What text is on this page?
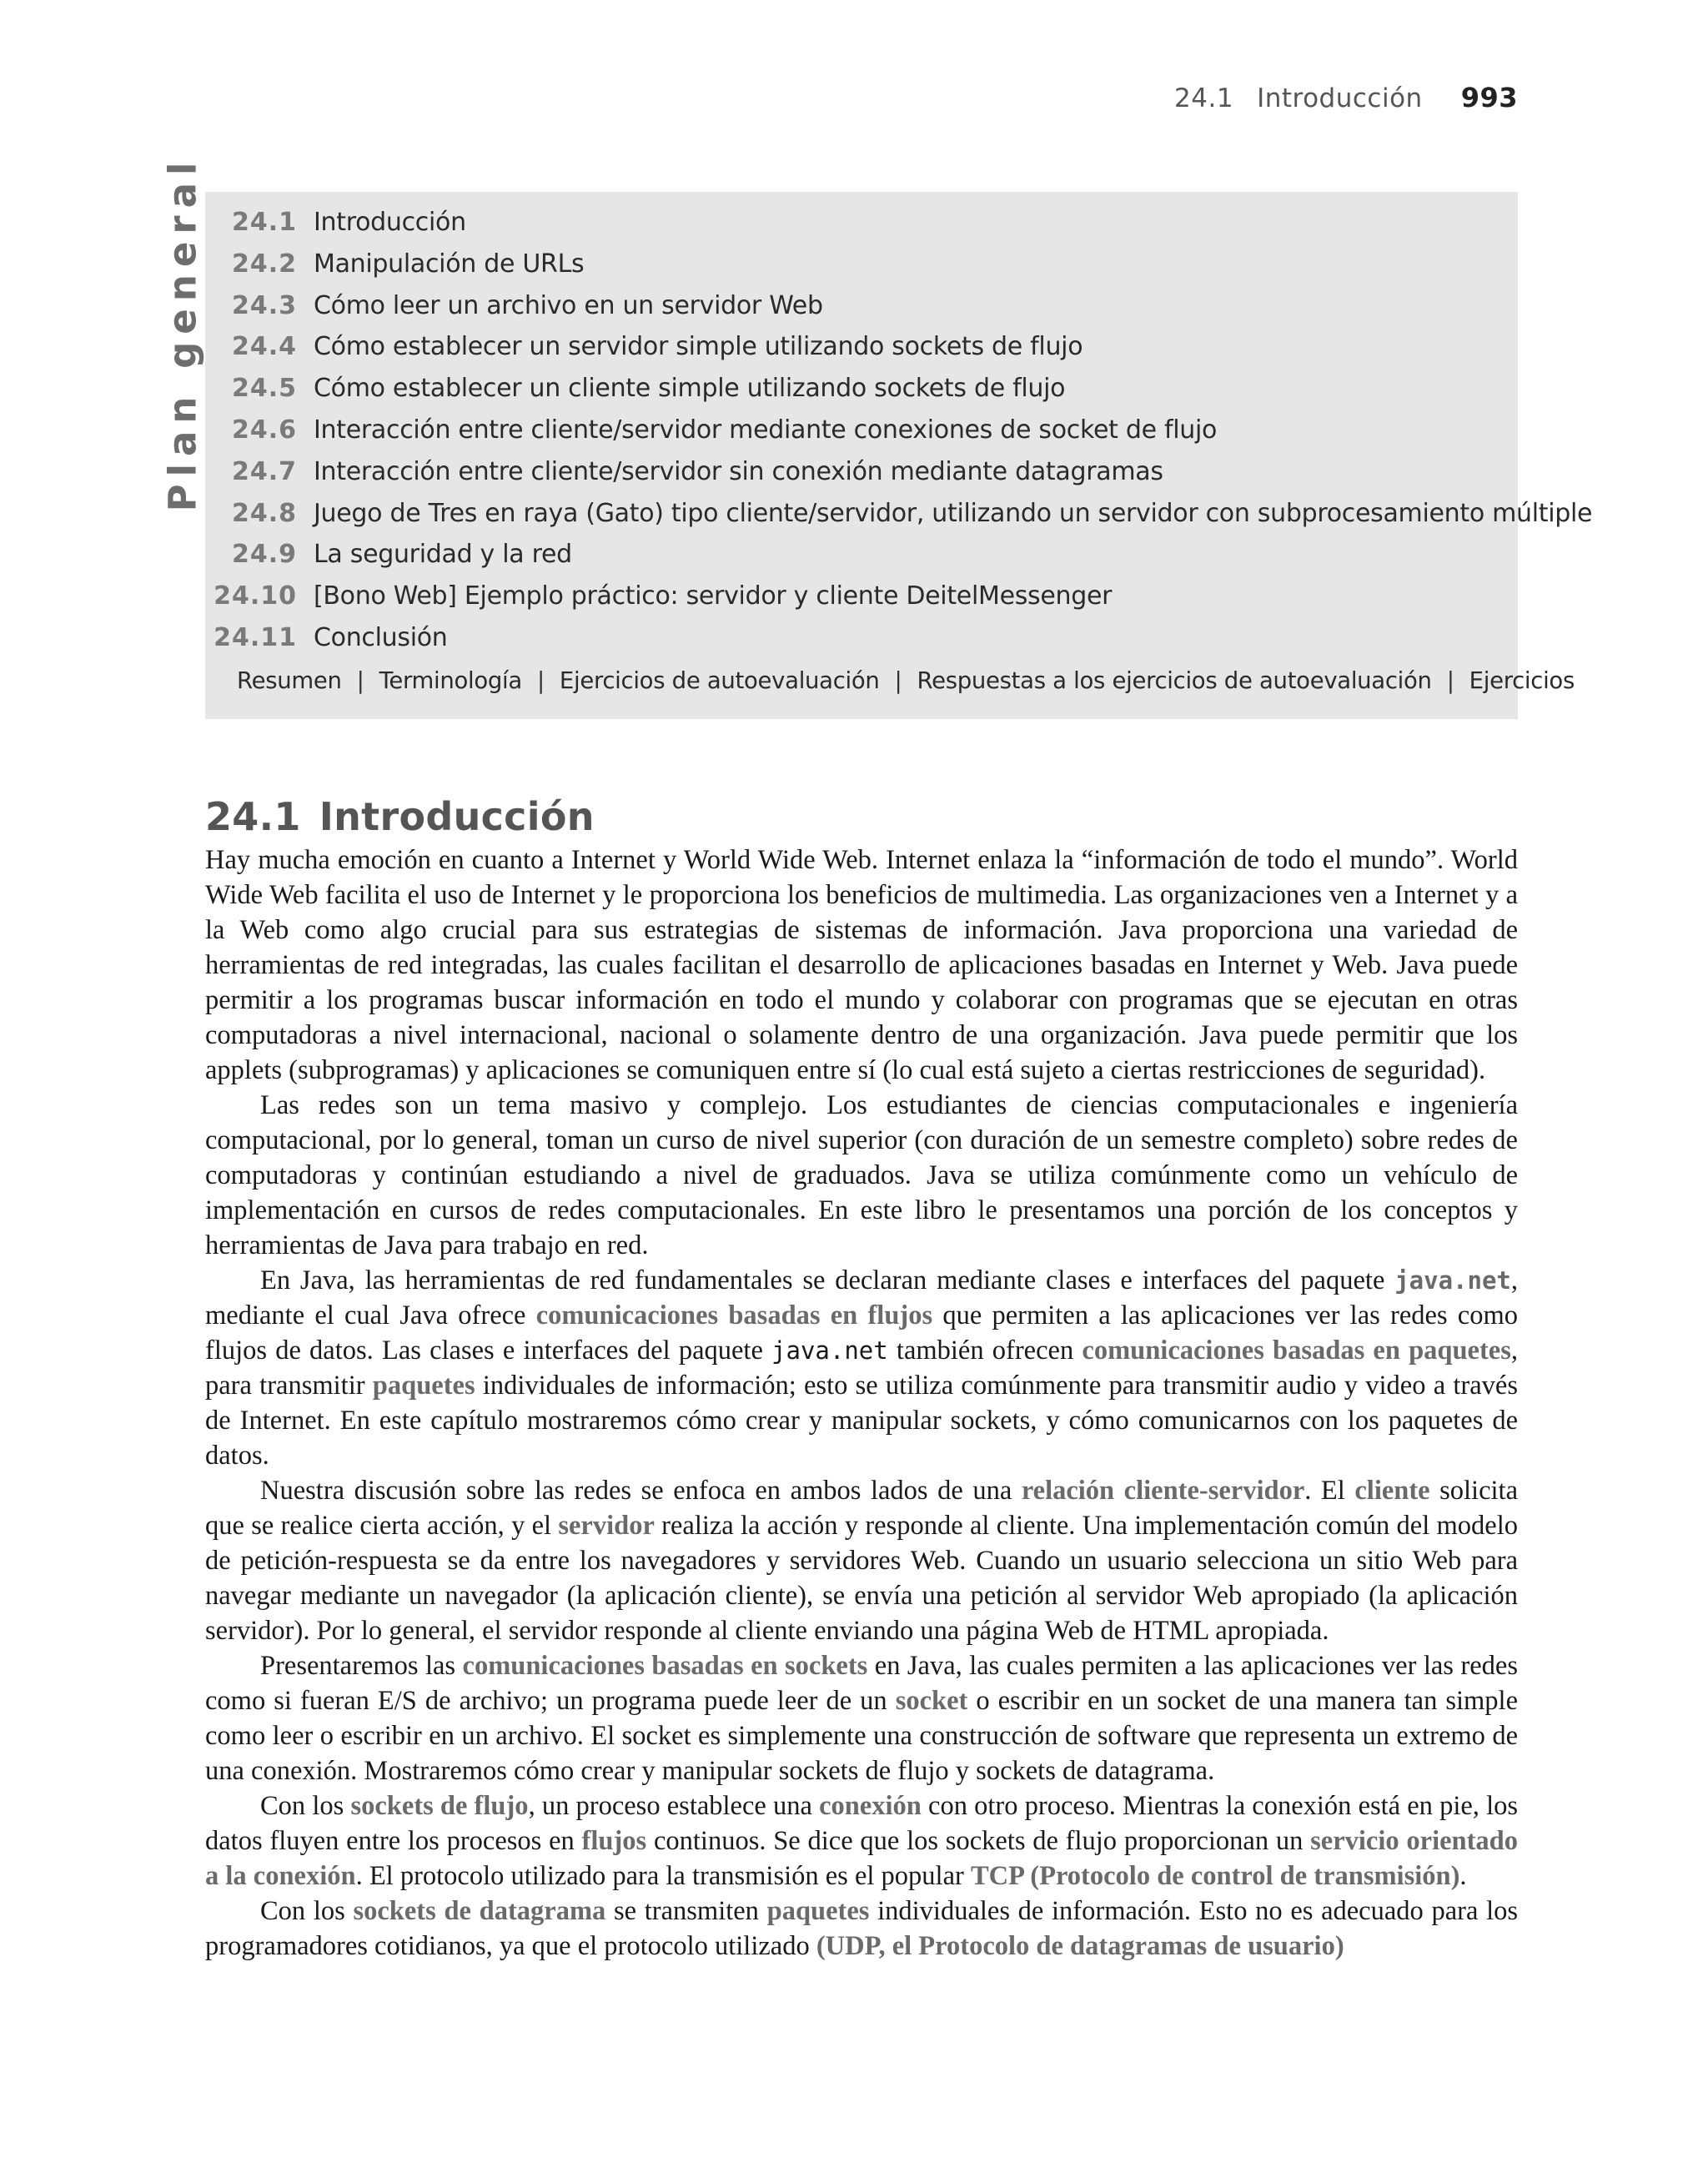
24.1 Introducción 993
Plan general	24.1 Introducción
24.2 Manipulación de URLs
24.3 Cómo leer un archivo en un servidor Web
24.4 Cómo establecer un servidor simple utilizando sockets de flujo
24.5 Cómo establecer un cliente simple utilizando sockets de flujo
24.6 Interacción entre cliente/servidor mediante conexiones de socket de flujo
24.7 Interacción entre cliente/servidor sin conexión mediante datagramas
24.8 Juego de Tres en raya (Gato) tipo cliente/servidor, utilizando un servidor con subprocesamiento múltiple
24.9 La seguridad y la red
24.10 [Bono Web] Ejemplo práctico: servidor y cliente DeitelMessenger
24.11 Conclusión
Resumen | Terminología | Ejercicios de autoevaluación | Respuestas a los ejercicios de autoevaluación | Ejercicios
24.1 Introducción

Hay mucha emoción en cuanto a Internet y World Wide Web. Internet enlaza la “información de todo el mundo”. World Wide Web facilita el uso de Internet y le proporciona los beneficios de multimedia. Las organizaciones ven a Internet y a la Web como algo crucial para sus estrategias de sistemas de información. Java proporciona una variedad de herramientas de red integradas, las cuales facilitan el desarrollo de aplicaciones basadas en Internet y Web. Java puede permitir a los programas buscar información en todo el mundo y colaborar con programas que se ejecutan en otras computadoras a nivel internacional, nacional o solamente dentro de una organización. Java puede permitir que los applets (subprogramas) y aplicaciones se comuniquen entre sí (lo cual está sujeto a ciertas restricciones de seguridad).

Las redes son un tema masivo y complejo. Los estudiantes de ciencias computacionales e ingeniería computacional, por lo general, toman un curso de nivel superior (con duración de un semestre completo) sobre redes de computadoras y continúan estudiando a nivel de graduados. Java se utiliza comúnmente como un vehículo de implementación en cursos de redes computacionales. En este libro le presentamos una porción de los conceptos y herramientas de Java para trabajo en red.

En Java, las herramientas de red fundamentales se declaran mediante clases e interfaces del paquete java.net, mediante el cual Java ofrece comunicaciones basadas en flujos que permiten a las aplicaciones ver las redes como flujos de datos. Las clases e interfaces del paquete java.net también ofrecen comunicaciones basadas en paquetes, para transmitir paquetes individuales de información; esto se utiliza comúnmente para transmitir audio y video a través de Internet. En este capítulo mostraremos cómo crear y manipular sockets, y cómo comunicarnos con los paquetes de datos.

Nuestra discusión sobre las redes se enfoca en ambos lados de una relación cliente-servidor. El cliente solicita que se realice cierta acción, y el servidor realiza la acción y responde al cliente. Una implementación común del modelo de petición-respuesta se da entre los navegadores y servidores Web. Cuando un usuario selecciona un sitio Web para navegar mediante un navegador (la aplicación cliente), se envía una petición al servidor Web apropiado (la aplicación servidor). Por lo general, el servidor responde al cliente enviando una página Web de HTML apropiada.

Presentaremos las comunicaciones basadas en sockets en Java, las cuales permiten a las aplicaciones ver las redes como si fueran E/S de archivo; un programa puede leer de un socket o escribir en un socket de una manera tan simple como leer o escribir en un archivo. El socket es simplemente una construcción de software que representa un extremo de una conexión. Mostraremos cómo crear y manipular sockets de flujo y sockets de datagrama.

Con los sockets de flujo, un proceso establece una conexión con otro proceso. Mientras la conexión está en pie, los datos fluyen entre los procesos en flujos continuos. Se dice que los sockets de flujo proporcionan un servicio orientado a la conexión. El protocolo utilizado para la transmisión es el popular TCP (Protocolo de control de transmisión).

Con los sockets de datagrama se transmiten paquetes individuales de información. Esto no es adecuado para los programadores cotidianos, ya que el protocolo utilizado (UDP, el Protocolo de datagramas de usuario)
